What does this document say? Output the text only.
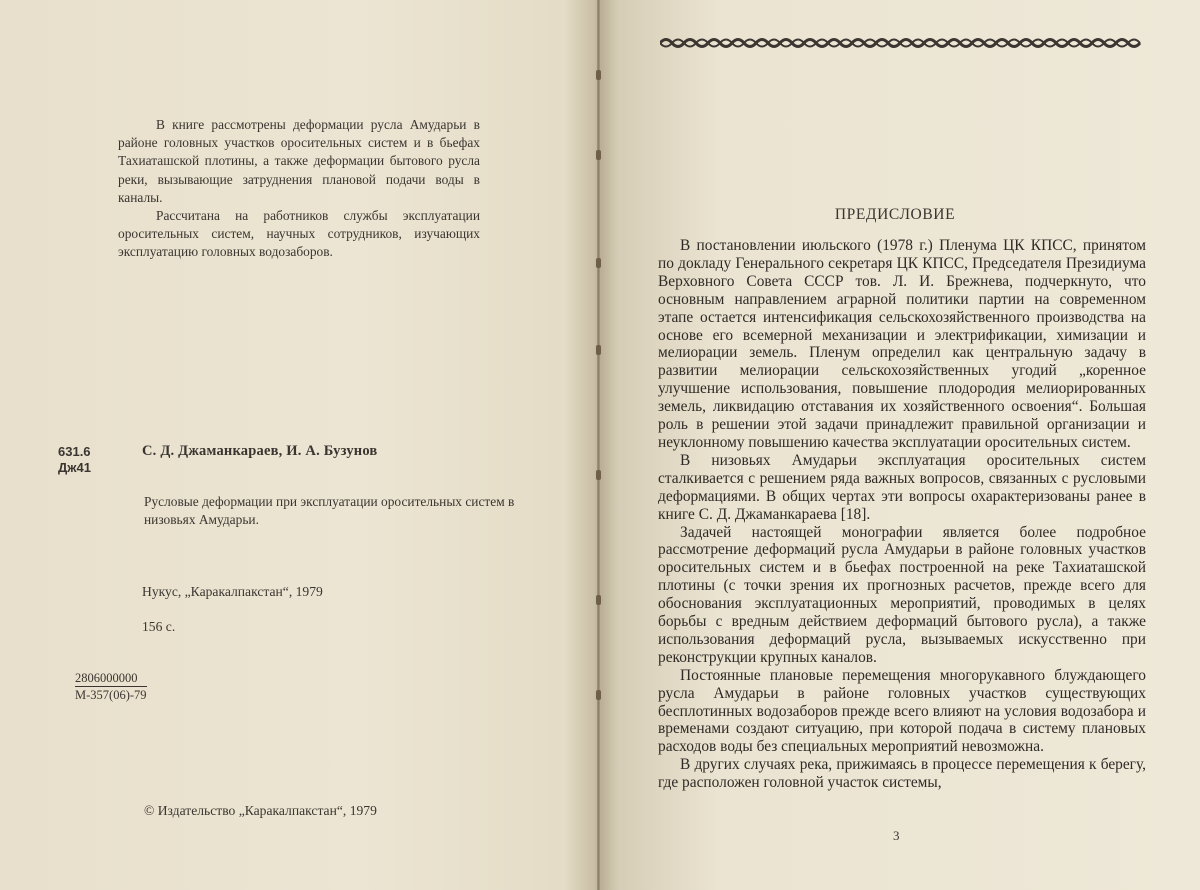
В книге рассмотрены деформации русла Амударьи в районе головных участков оросительных систем и в бьефах Тахиаташской плотины, а также деформации бытового русла реки, вызывающие затруднения плановой подачи воды в каналы.

Рассчитана на работников службы эксплуатации оросительных систем, научных сотрудников, изучающих эксплуатацию головных водозаборов.

631.6
Дж41
С. Д. Джаманкараев, И. А. Бузунов
Русловые деформации при эксплуатации оросительных систем в низовьях Амударьи.
Нукус, „Каракалпакстан“, 1979
156 с.
2806000000
М-357(06)-79
© Издательство „Каракалпакстан“, 1979
ПРЕДИСЛОВИЕ

В постановлении июльского (1978 г.) Пленума ЦК КПСС, принятом по докладу Генерального секретаря ЦК КПСС, Председателя Президиума Верховного Совета СССР тов. Л. И. Брежнева, подчеркнуто, что основным направлением аграрной политики партии на современном этапе остается интенсификация сельскохозяйственного производства на основе его всемерной механизации и электрификации, химизации и мелиорации земель. Пленум определил как центральную задачу в развитии мелиорации сельскохозяйственных угодий „коренное улучшение использования, повышение плодородия мелиорированных земель, ликвидацию отставания их хозяйственного освоения“. Большая роль в решении этой задачи принадлежит правильной организации и неуклонному повышению качества эксплуатации оросительных систем.

В низовьях Амударьи эксплуатация оросительных систем сталкивается с решением ряда важных вопросов, связанных с русловыми деформациями. В общих чертах эти вопросы охарактеризованы ранее в книге С. Д. Джаманкараева [18].

Задачей настоящей монографии является более подробное рассмотрение деформаций русла Амударьи в районе головных участков оросительных систем и в бьефах построенной на реке Тахиаташской плотины (с точки зрения их прогнозных расчетов, прежде всего для обоснования эксплуатационных мероприятий, проводимых в целях борьбы с вредным действием деформаций бытового русла), а также использования деформаций русла, вызываемых искусственно при реконструкции крупных каналов.

Постоянные плановые перемещения многорукавного блуждающего русла Амударьи в районе головных участков существующих бесплотинных водозаборов прежде всего влияют на условия водозабора и временами создают ситуацию, при которой подача в систему плановых расходов воды без специальных мероприятий невозможна.

В других случаях река, прижимаясь в процессе перемещения к берегу, где расположен головной участок системы,

3
